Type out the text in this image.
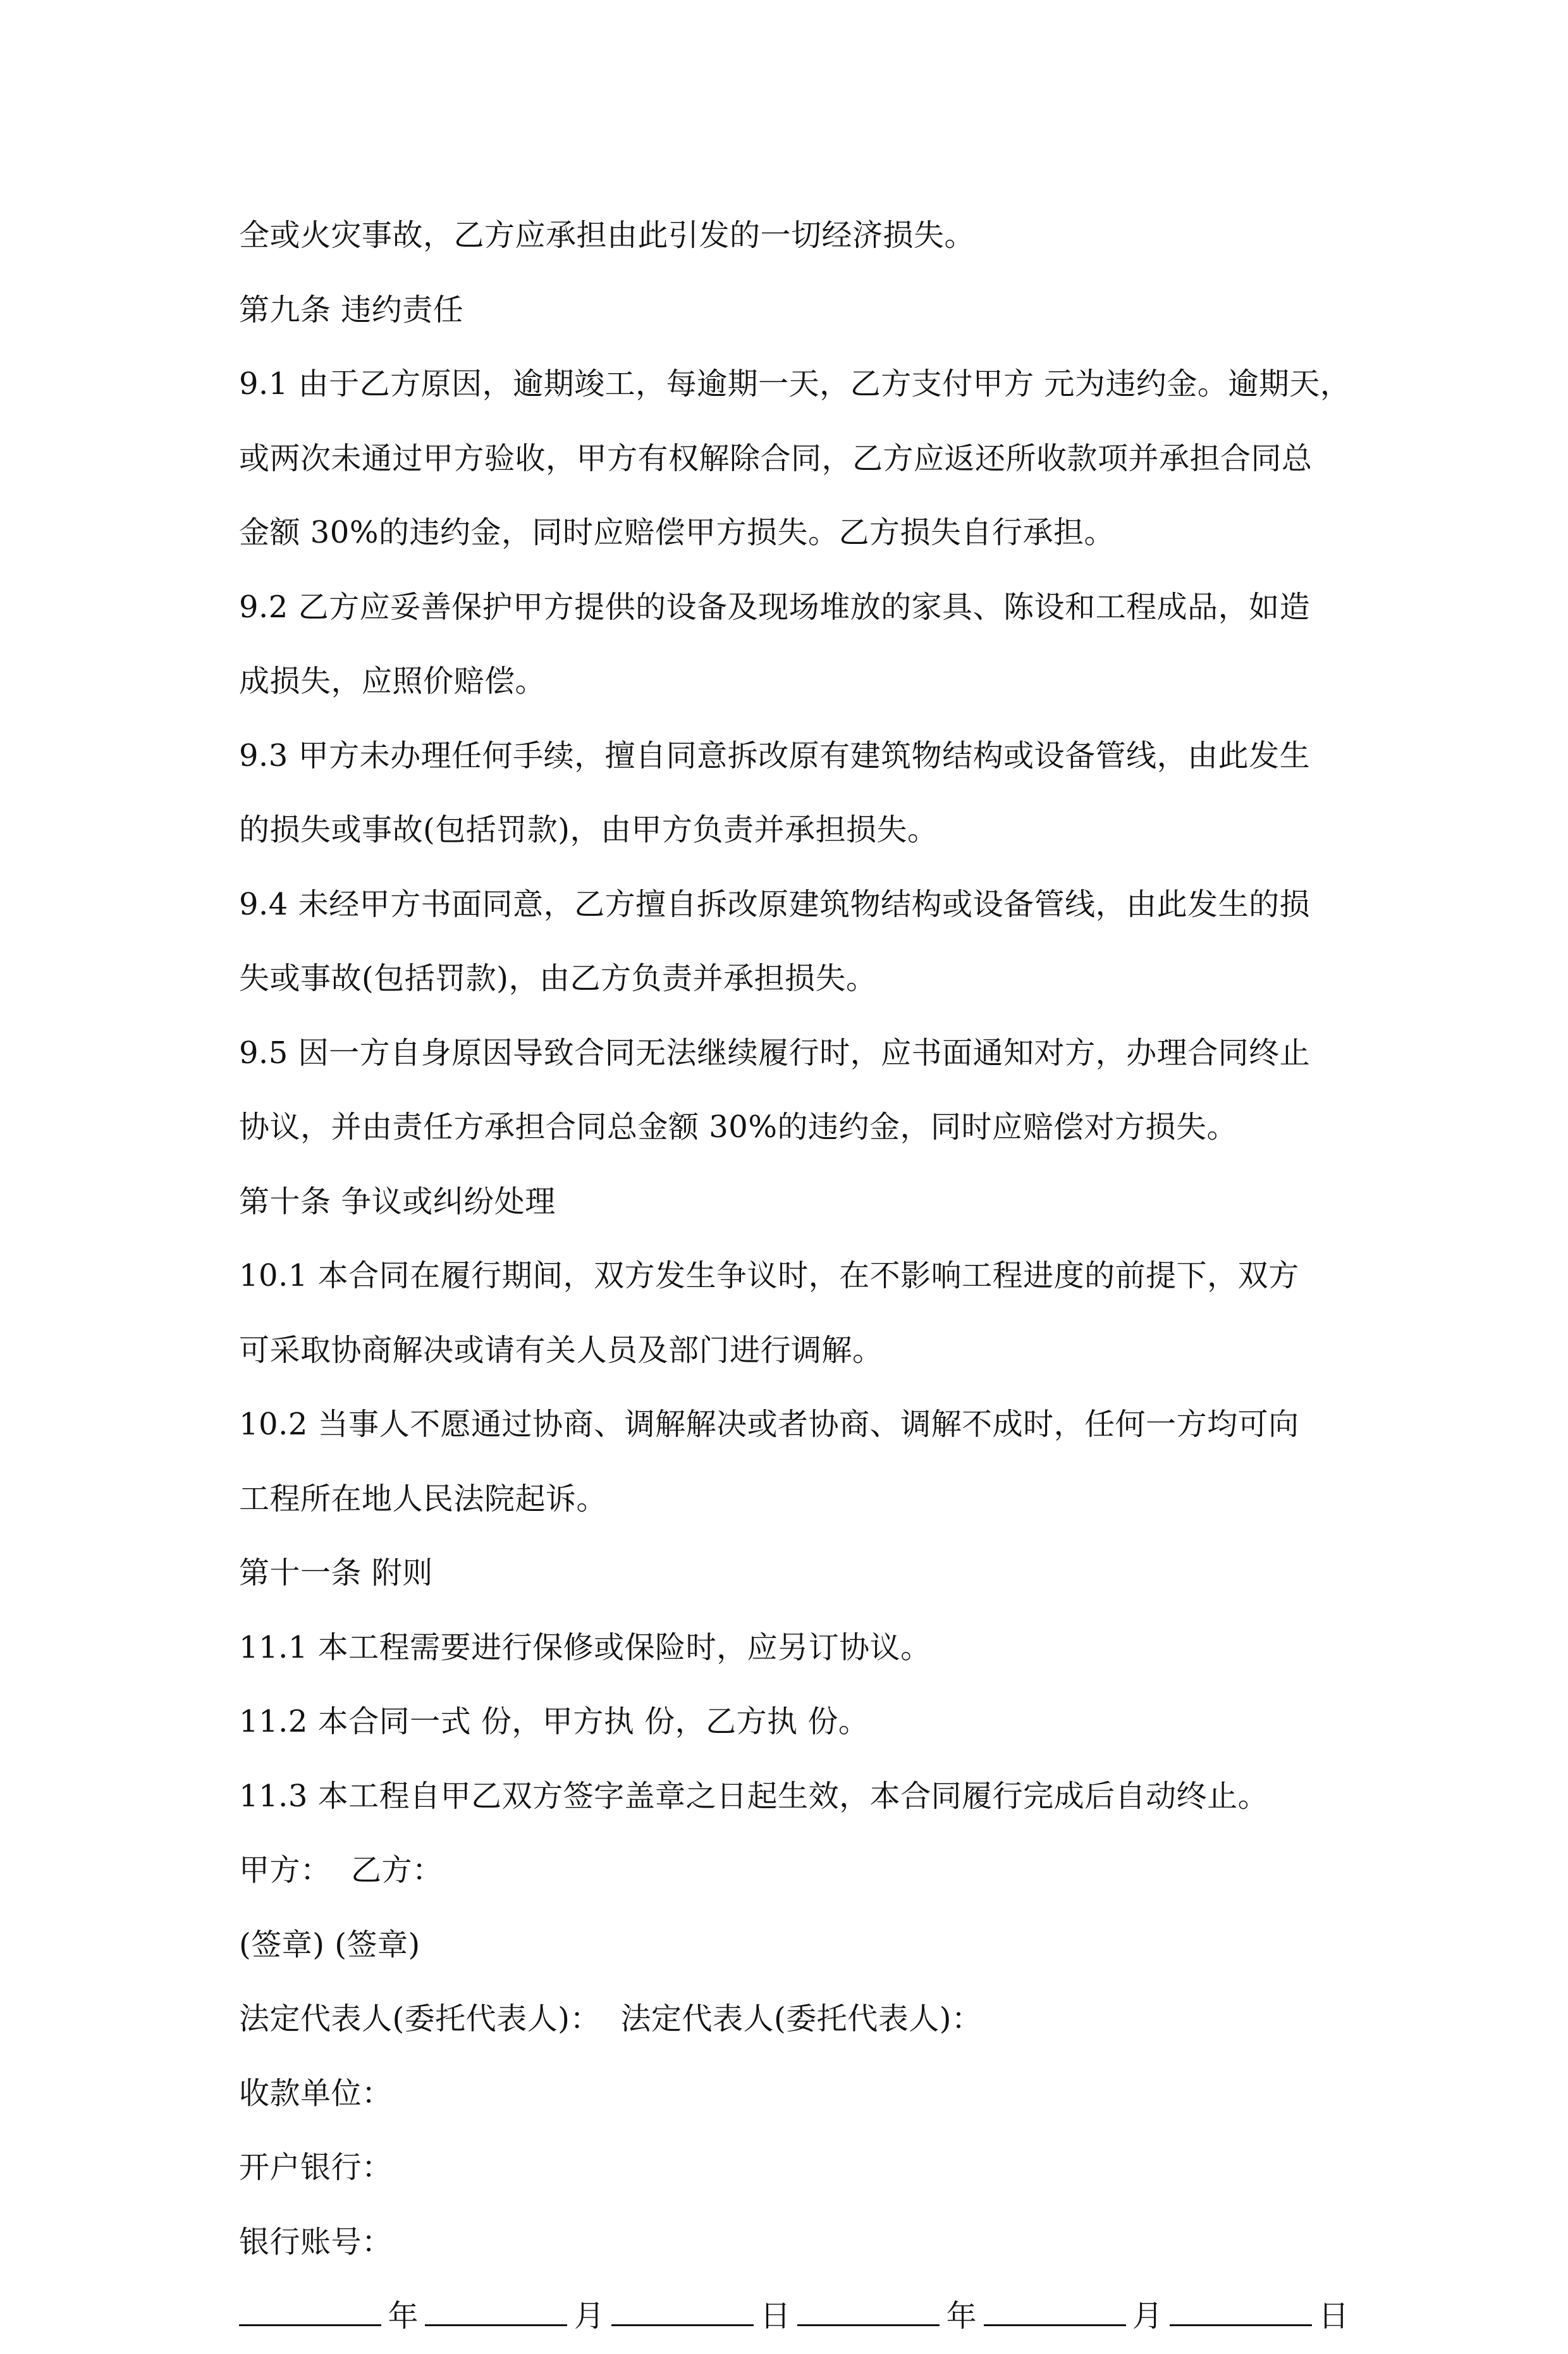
全或火灾事故，乙方应承担由此引发的一切经济损失。

第九条 违约责任

9.1 由于乙方原因，逾期竣工，每逾期一天，乙方支付甲方 元为违约金。逾期天，

或两次未通过甲方验收，甲方有权解除合同，乙方应返还所收款项并承担合同总

金额 30%的违约金，同时应赔偿甲方损失。乙方损失自行承担。

9.2 乙方应妥善保护甲方提供的设备及现场堆放的家具、陈设和工程成品，如造

成损失，应照价赔偿。

9.3 甲方未办理任何手续，擅自同意拆改原有建筑物结构或设备管线，由此发生

的损失或事故(包括罚款)，由甲方负责并承担损失。

9.4 未经甲方书面同意，乙方擅自拆改原建筑物结构或设备管线，由此发生的损

失或事故(包括罚款)，由乙方负责并承担损失。

9.5 因一方自身原因导致合同无法继续履行时，应书面通知对方，办理合同终止

协议，并由责任方承担合同总金额 30%的违约金，同时应赔偿对方损失。

第十条 争议或纠纷处理

10.1 本合同在履行期间，双方发生争议时，在不影响工程进度的前提下，双方

可采取协商解决或请有关人员及部门进行调解。

10.2 当事人不愿通过协商、调解解决或者协商、调解不成时，任何一方均可向

工程所在地人民法院起诉。

第十一条 附则

11.1 本工程需要进行保修或保险时，应另订协议。

11.2 本合同一式 份，甲方执 份，乙方执 份。

11.3 本工程自甲乙双方签字盖章之日起生效，本合同履行完成后自动终止。

甲方：  乙方：

(签章) (签章)

法定代表人(委托代表人)：  法定代表人(委托代表人)：

收款单位：

开户银行：

银行账号：

年	月	日	年	月	日
